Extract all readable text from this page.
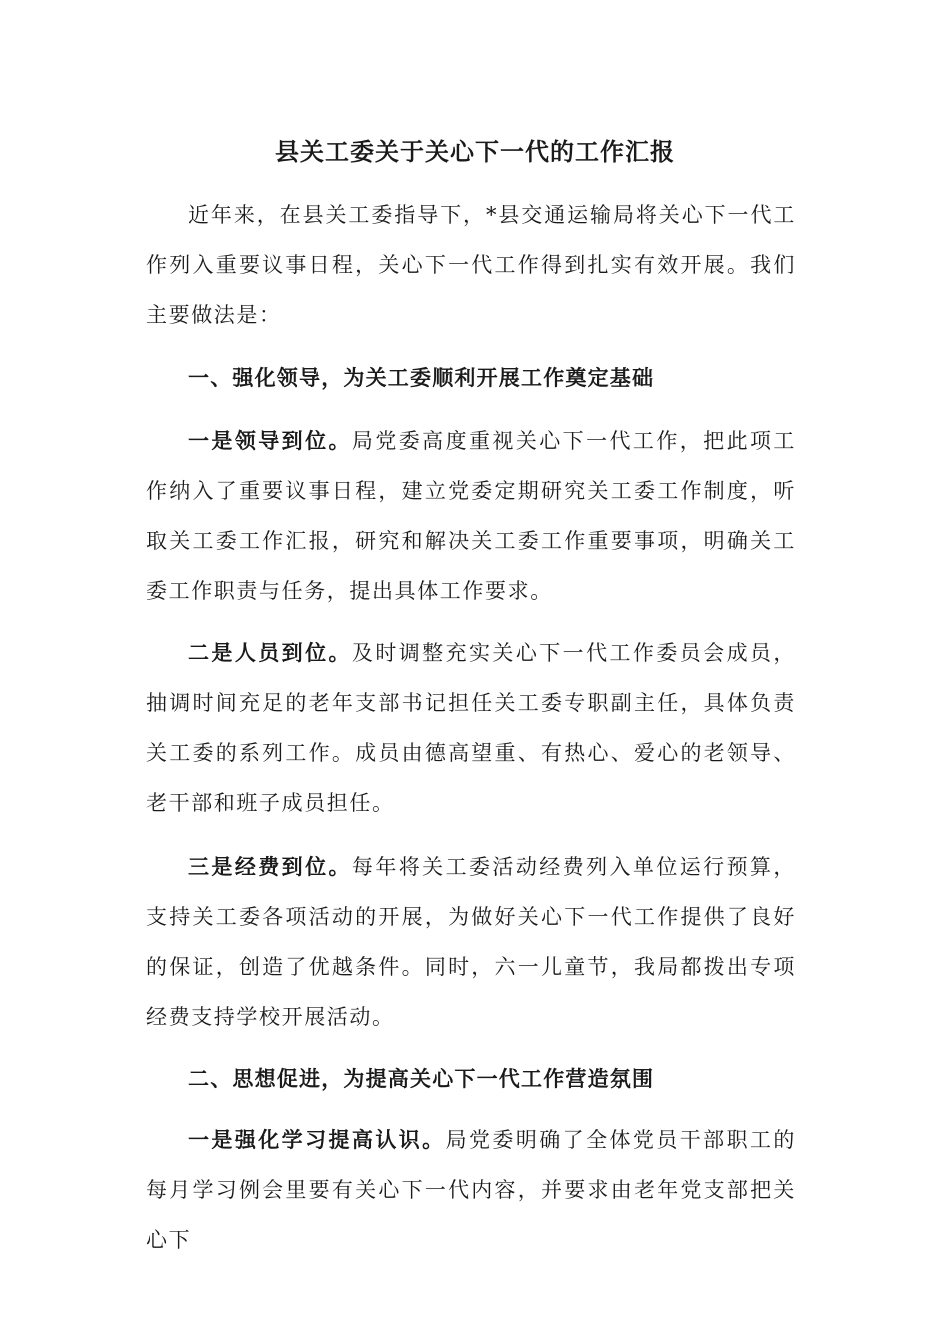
县关工委关于关心下一代的工作汇报

近年来，在县关工委指导下，*县交通运输局将关心下一代工作列入重要议事日程，关心下一代工作得到扎实有效开展。我们主要做法是：

一、强化领导，为关工委顺利开展工作奠定基础

一是领导到位。局党委高度重视关心下一代工作，把此项工作纳入了重要议事日程，建立党委定期研究关工委工作制度，听取关工委工作汇报，研究和解决关工委工作重要事项，明确关工委工作职责与任务，提出具体工作要求。

二是人员到位。及时调整充实关心下一代工作委员会成员，抽调时间充足的老年支部书记担任关工委专职副主任，具体负责关工委的系列工作。成员由德高望重、有热心、爱心的老领导、老干部和班子成员担任。

三是经费到位。每年将关工委活动经费列入单位运行预算，支持关工委各项活动的开展，为做好关心下一代工作提供了良好的保证，创造了优越条件。同时，六一儿童节，我局都拨出专项经费支持学校开展活动。

二、思想促进，为提高关心下一代工作营造氛围

一是强化学习提高认识。局党委明确了全体党员干部职工的每月学习例会里要有关心下一代内容，并要求由老年党支部把关心下
